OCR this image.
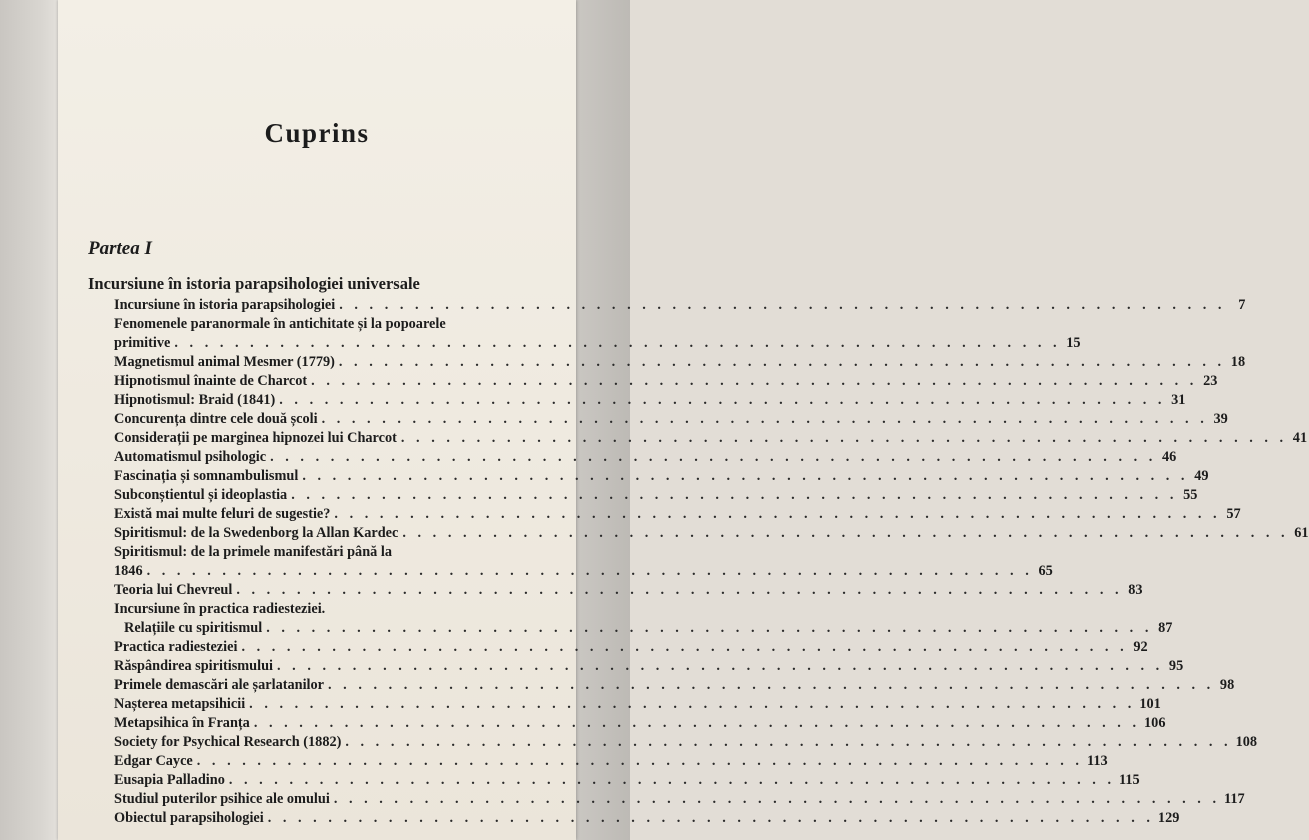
Cuprins
Partea I
Incursiune în istoria parapsihologiei universale
Incursiune în istoria parapsihologiei . . . . . . . . . . . . . . . . . . . . . . . . . . . . . . . . . . . . . . . . . . . . . . . . . . . . . . . . . . . 7
Fenomenele paranormale în antichitate și la popoarele
primitive . . . . . . . . . . . . . . . . . . . . . . . . . . . . . . . . . . . . . . . . . . . . . . . . . . . . . . . . . . . 15
Magnetismul animal Mesmer (1779) . . . . . . . . . . . . . . . . . . . . . . . . . . . . . . . . . . . . . . . . . . . . . . . . . . . . . . . . . . . 18
Hipnotismul înainte de Charcot . . . . . . . . . . . . . . . . . . . . . . . . . . . . . . . . . . . . . . . . . . . . . . . . . . . . . . . . . . . 23
Hipnotismul: Braid (1841) . . . . . . . . . . . . . . . . . . . . . . . . . . . . . . . . . . . . . . . . . . . . . . . . . . . . . . . . . . . 31
Concurența dintre cele două școli . . . . . . . . . . . . . . . . . . . . . . . . . . . . . . . . . . . . . . . . . . . . . . . . . . . . . . . . . . . 39
Considerații pe marginea hipnozei lui Charcot . . . . . . . . . . . . . . . . . . . . . . . . . . . . . . . . . . . . . . . . . . . . . . . . . . . . . . . . . . . 41
Automatismul psihologic . . . . . . . . . . . . . . . . . . . . . . . . . . . . . . . . . . . . . . . . . . . . . . . . . . . . . . . . . . . 46
Fascinația și somnambulismul . . . . . . . . . . . . . . . . . . . . . . . . . . . . . . . . . . . . . . . . . . . . . . . . . . . . . . . . . . . 49
Subconștientul și ideoplastia . . . . . . . . . . . . . . . . . . . . . . . . . . . . . . . . . . . . . . . . . . . . . . . . . . . . . . . . . . . 55
Există mai multe feluri de sugestie? . . . . . . . . . . . . . . . . . . . . . . . . . . . . . . . . . . . . . . . . . . . . . . . . . . . . . . . . . . . 57
Spiritismul: de la Swedenborg la Allan Kardec . . . . . . . . . . . . . . . . . . . . . . . . . . . . . . . . . . . . . . . . . . . . . . . . . . . . . . . . . . . 61
Spiritismul: de la primele manifestări până la
1846 . . . . . . . . . . . . . . . . . . . . . . . . . . . . . . . . . . . . . . . . . . . . . . . . . . . . . . . . . . . 65
Teoria lui Chevreul . . . . . . . . . . . . . . . . . . . . . . . . . . . . . . . . . . . . . . . . . . . . . . . . . . . . . . . . . . . 83
Incursiune în practica radiesteziei.
Relațiile cu spiritismul . . . . . . . . . . . . . . . . . . . . . . . . . . . . . . . . . . . . . . . . . . . . . . . . . . . . . . . . . . . 87
Practica radiesteziei . . . . . . . . . . . . . . . . . . . . . . . . . . . . . . . . . . . . . . . . . . . . . . . . . . . . . . . . . . . 92
Răspândirea spiritismului . . . . . . . . . . . . . . . . . . . . . . . . . . . . . . . . . . . . . . . . . . . . . . . . . . . . . . . . . . . 95
Primele demascări ale șarlatanilor . . . . . . . . . . . . . . . . . . . . . . . . . . . . . . . . . . . . . . . . . . . . . . . . . . . . . . . . . . . 98
Nașterea metapsihicii . . . . . . . . . . . . . . . . . . . . . . . . . . . . . . . . . . . . . . . . . . . . . . . . . . . . . . . . . . . 101
Metapsihica în Franța . . . . . . . . . . . . . . . . . . . . . . . . . . . . . . . . . . . . . . . . . . . . . . . . . . . . . . . . . . . 106
Society for Psychical Research (1882) . . . . . . . . . . . . . . . . . . . . . . . . . . . . . . . . . . . . . . . . . . . . . . . . . . . . . . . . . . . 108
Edgar Cayce . . . . . . . . . . . . . . . . . . . . . . . . . . . . . . . . . . . . . . . . . . . . . . . . . . . . . . . . . . . 113
Eusapia Palladino . . . . . . . . . . . . . . . . . . . . . . . . . . . . . . . . . . . . . . . . . . . . . . . . . . . . . . . . . . . 115
Studiul puterilor psihice ale omului . . . . . . . . . . . . . . . . . . . . . . . . . . . . . . . . . . . . . . . . . . . . . . . . . . . . . . . . . . . 117
Obiectul parapsihologiei . . . . . . . . . . . . . . . . . . . . . . . . . . . . . . . . . . . . . . . . . . . . . . . . . . . . . . . . . . . 129
